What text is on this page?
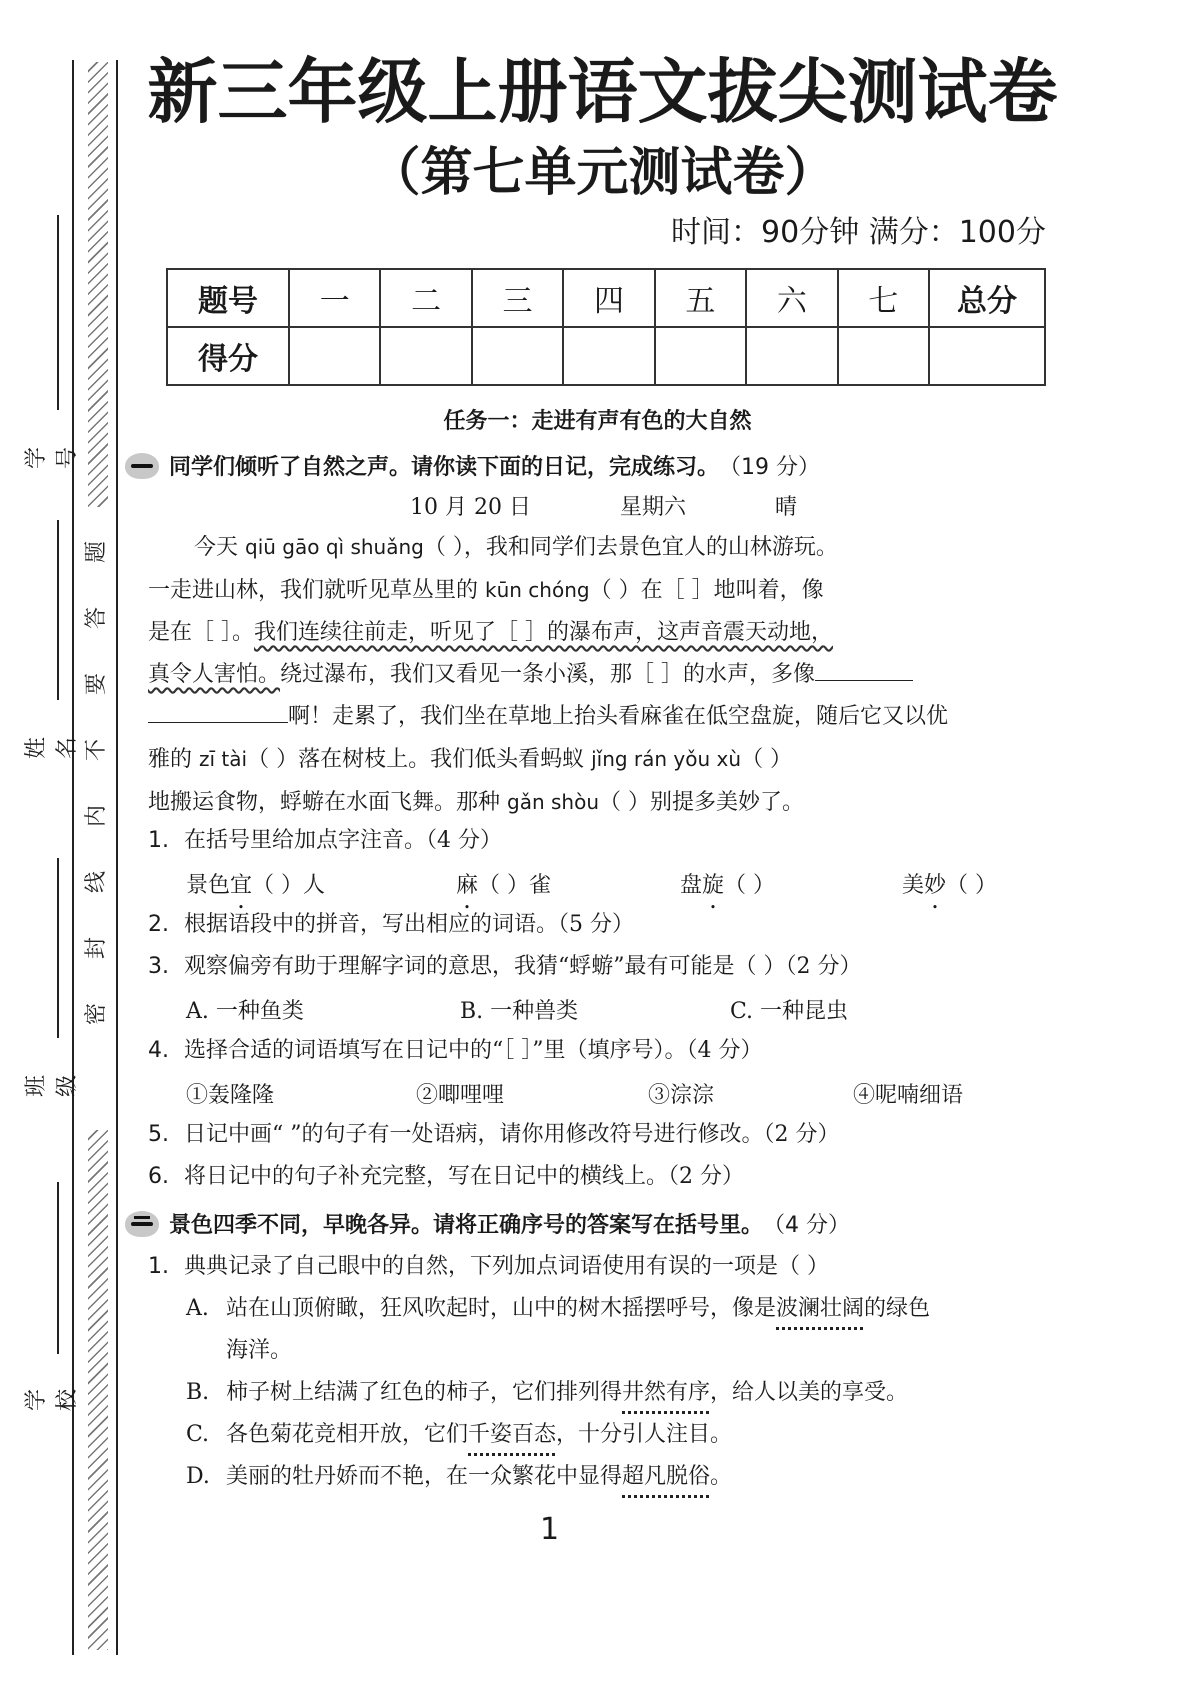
题
答
要
不
内
线
封
密
学号
姓名
班级
学校
新三年级上册语文拔尖测试卷
（第七单元测试卷）
时间：90分钟 满分：100分
题号	一	二	三	四	五	六	七	总分
得分								
任务一：走进有声有色的大自然
同学们倾听了自然之声。请你读下面的日记，完成练习。 （19 分）
10 月 20 日	星期六	晴
今天 qiū gāo qì shuǎng（ ），我和同学们去景色宜人的山林游玩。
一走进山林，我们就听见草丛里的 kūn chóng（ ）在［ ］地叫着，像
是在［ ］。我们连续往前走，听见了［ ］的瀑布声，这声音震天动地，
真令人害怕。绕过瀑布，我们又看见一条小溪，那［ ］的水声，多像
啊！走累了，我们坐在草地上抬头看麻雀在低空盘旋，随后它又以优
雅的 zī tài（ ）落在树枝上。我们低头看蚂蚁 jǐng rán yǒu xù（ ）
地搬运食物，蜉蝣在水面飞舞。那种 gǎn shòu（ ）别提多美妙了。
1. 在括号里给加点字注音。（4 分）
景色宜（ ）人	麻（ ）雀	盘旋（ ）	美妙（ ）
2. 根据语段中的拼音，写出相应的词语。（5 分）
3. 观察偏旁有助于理解字词的意思，我猜“蜉蝣”最有可能是（ ）（2 分）
A. 一种鱼类	B. 一种兽类	C. 一种昆虫
4. 选择合适的词语填写在日记中的“［ ］”里（填序号）。（4 分）
①轰隆隆	②唧哩哩	③淙淙	④呢喃细语
5. 日记中画“ ”的句子有一处语病，请你用修改符号进行修改。（2 分）
6. 将日记中的句子补充完整，写在日记中的横线上。（2 分）
景色四季不同，早晚各异。请将正确序号的答案写在括号里。 （4 分）
1. 典典记录了自己眼中的自然，下列加点词语使用有误的一项是（ ）
A. 站在山顶俯瞰，狂风吹起时，山中的树木摇摆呼号，像是波澜壮阔的绿色
海洋。
B. 柿子树上结满了红色的柿子，它们排列得井然有序，给人以美的享受。
C. 各色菊花竞相开放，它们千姿百态，十分引人注目。
D. 美丽的牡丹娇而不艳，在一众繁花中显得超凡脱俗。
1
